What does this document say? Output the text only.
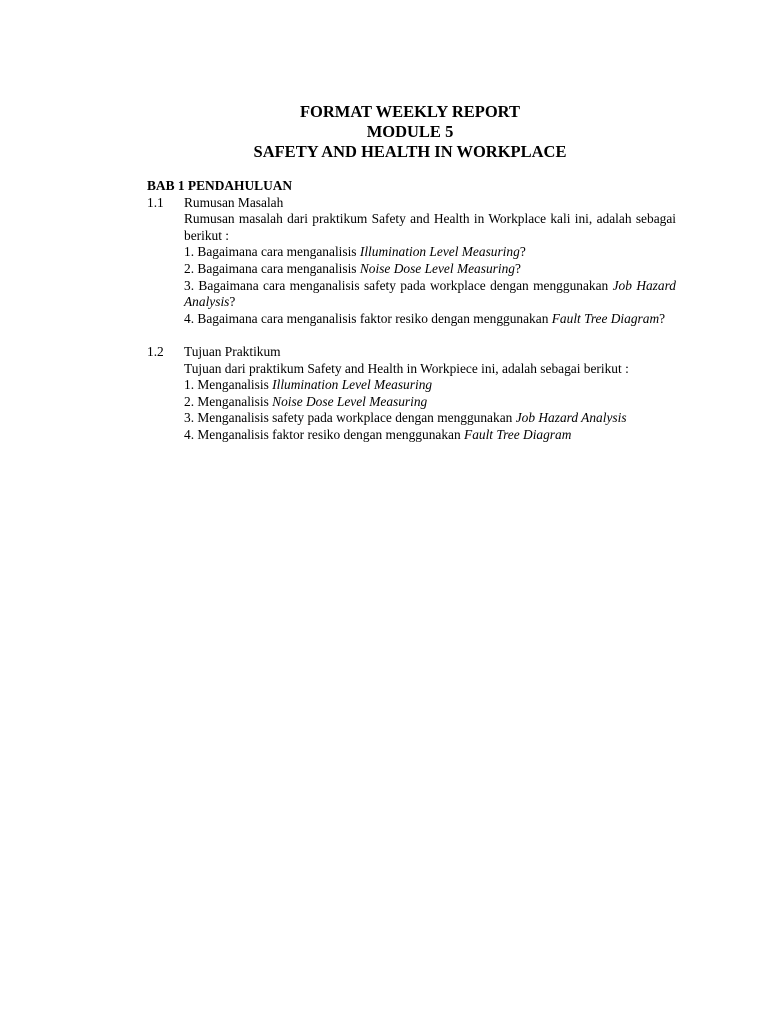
FORMAT WEEKLY REPORT
MODULE 5
SAFETY AND HEALTH IN WORKPLACE

BAB 1 PENDAHULUAN

1.1	Rumusan Masalah

Rumusan masalah dari praktikum Safety and Health in Workplace kali ini, adalah sebagai berikut :

1. Bagaimana cara menganalisis Illumination Level Measuring?

2. Bagaimana cara menganalisis Noise Dose Level Measuring?

3. Bagaimana cara menganalisis safety pada workplace dengan menggunakan Job Hazard Analysis?

4. Bagaimana cara menganalisis faktor resiko dengan menggunakan Fault Tree Diagram?

1.2	Tujuan Praktikum

Tujuan dari praktikum Safety and Health in Workpiece ini, adalah sebagai berikut :

1. Menganalisis Illumination Level Measuring

2. Menganalisis Noise Dose Level Measuring

3. Menganalisis safety pada workplace dengan menggunakan Job Hazard Analysis

4. Menganalisis faktor resiko dengan menggunakan Fault Tree Diagram
